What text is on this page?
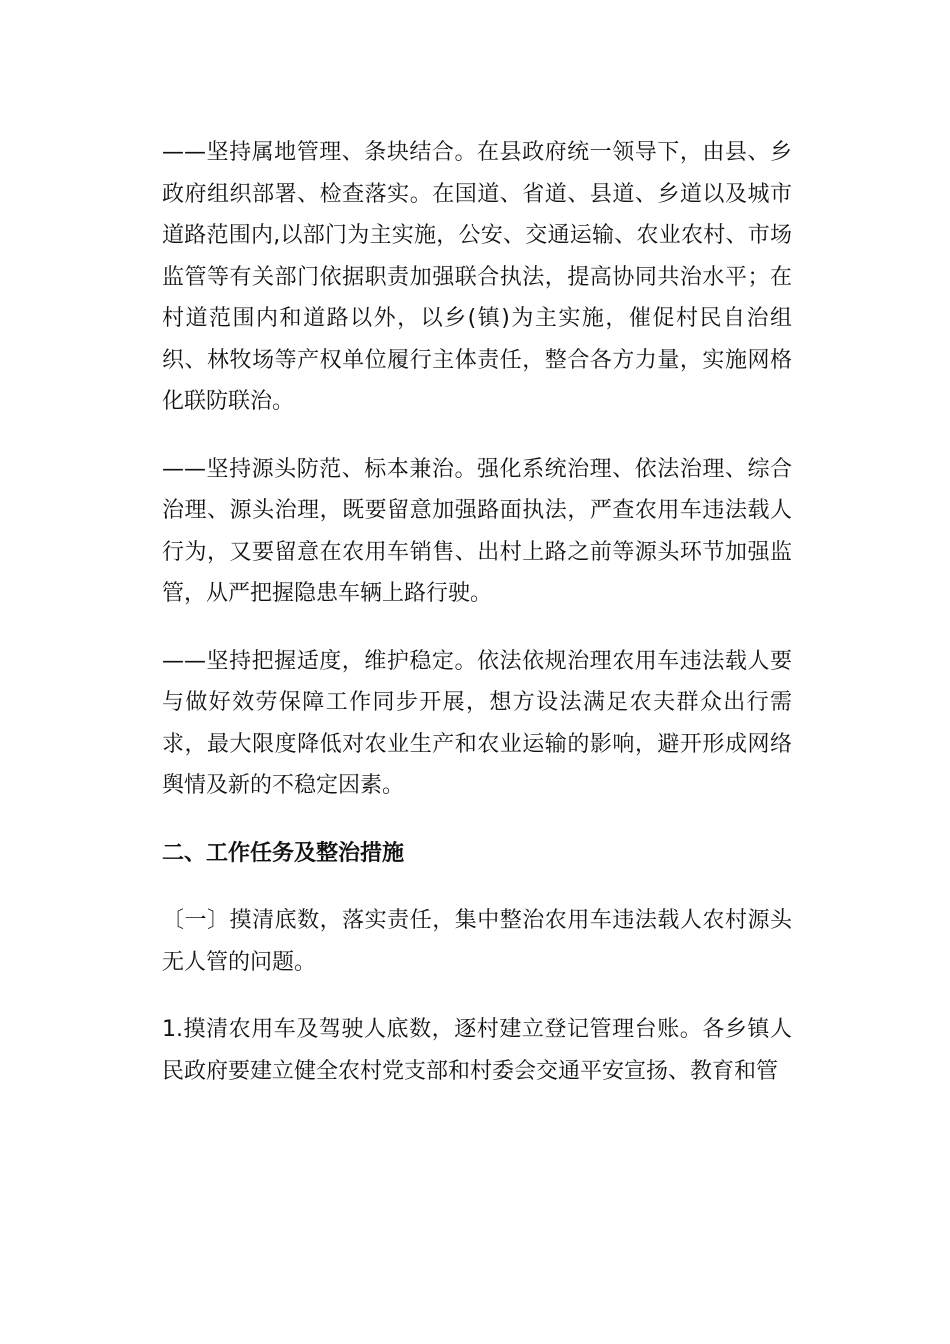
——坚持属地管理、条块结合。在县政府统一领导下，由县、乡政府组织部署、检查落实。在国道、省道、县道、乡道以及城市道路范围内,以部门为主实施，公安、交通运输、农业农村、市场监管等有关部门依据职责加强联合执法，提高协同共治水平；在村道范围内和道路以外，以乡(镇)为主实施，催促村民自治组织、林牧场等产权单位履行主体责任，整合各方力量，实施网格化联防联治。

——坚持源头防范、标本兼治。强化系统治理、依法治理、综合治理、源头治理，既要留意加强路面执法，严查农用车违法载人行为，又要留意在农用车销售、出村上路之前等源头环节加强监管，从严把握隐患车辆上路行驶。

——坚持把握适度，维护稳定。依法依规治理农用车违法载人要与做好效劳保障工作同步开展，想方设法满足农夫群众出行需求，最大限度降低对农业生产和农业运输的影响，避开形成网络舆情及新的不稳定因素。

二、工作任务及整治措施

〔一〕摸清底数，落实责任，集中整治农用车违法载人农村源头无人管的问题。

1.摸清农用车及驾驶人底数，逐村建立登记管理台账。各乡镇人民政府要建立健全农村党支部和村委会交通平安宣扬、教育和管
